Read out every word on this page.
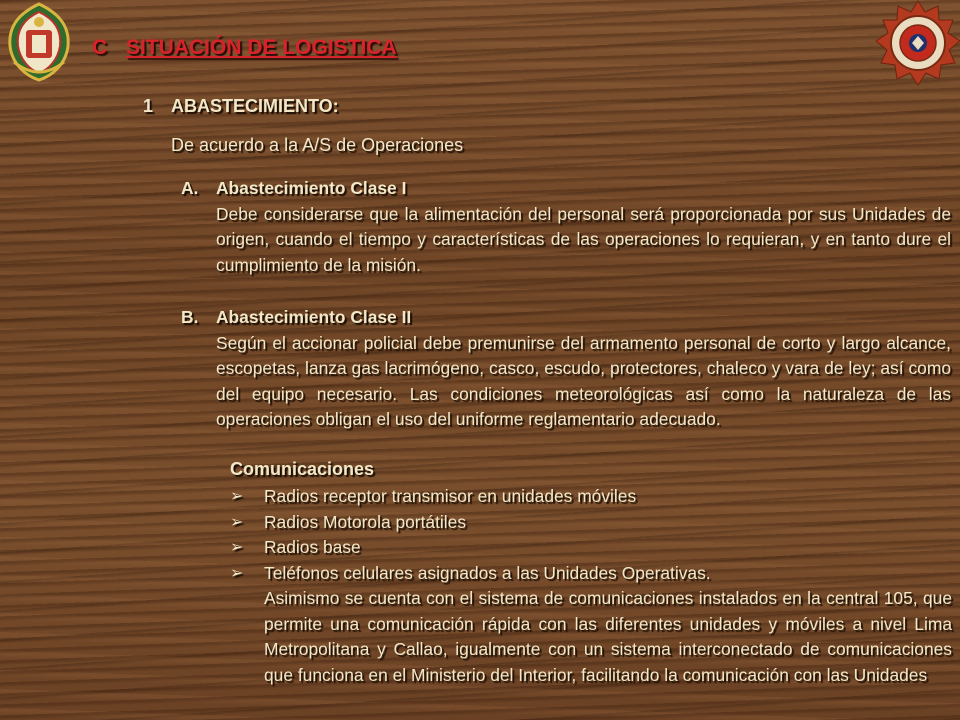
C SITUACIÓN DE LOGISTICA
1 ABASTECIMIENTO:
De acuerdo a la A/S de Operaciones
A.	Abastecimiento Clase I
Debe considerarse que la alimentación del personal será proporcionada por sus Unidades de origen, cuando el tiempo y características de las operaciones lo requieran, y en tanto dure el cumplimiento de la misión.
B.	Abastecimiento Clase II
Según el accionar policial debe premunirse del armamento personal de corto y largo alcance, escopetas, lanza gas lacrimógeno, casco, escudo, protectores, chaleco y vara de ley; así como del equipo necesario. Las condiciones meteorológicas así como la naturaleza de las operaciones obligan el uso del uniforme reglamentario adecuado.
Comunicaciones
➢	Radios receptor transmisor en unidades móviles
➢	Radios Motorola portátiles
➢	Radios base
➢	Teléfonos celulares asignados a las Unidades Operativas.
Asimismo se cuenta con el sistema de comunicaciones instalados en la central 105, que permite una comunicación rápida con las diferentes unidades y móviles a nivel Lima Metropolitana y Callao, igualmente con un sistema interconectado de comunicaciones que funciona en el Ministerio del Interior, facilitando la comunicación con las Unidades
